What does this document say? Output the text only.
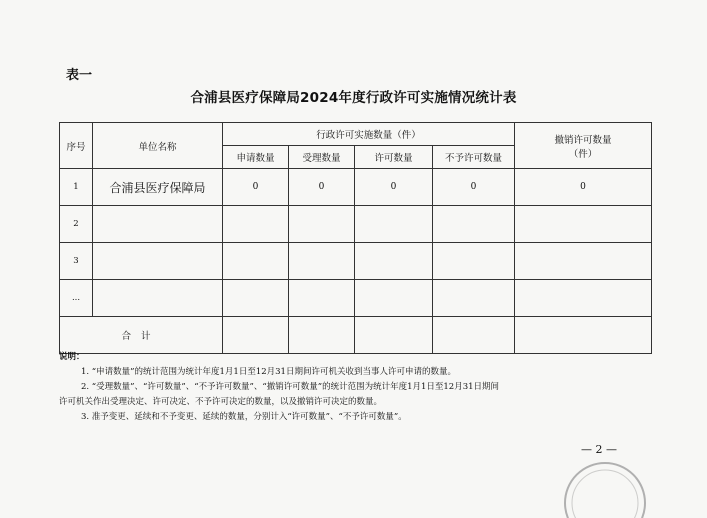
表一
合浦县医疗保障局2024年度行政许可实施情况统计表
序号	单位名称	行政许可实施数量（件）				撤销许可数量
（件）
		申请数量	受理数量	许可数量	不予许可数量	
1	合浦县医疗保障局	0	0	0	0	0
2						
3						
...						
合计						
说明：
1. “申请数量”的统计范围为统计年度1月1日至12月31日期间许可机关收到当事人许可申请的数量。
2. “受理数量”、“许可数量”、“不予许可数量”、“撤销许可数量”的统计范围为统计年度1月1日至12月31日期间
许可机关作出受理决定、许可决定、不予许可决定的数量，以及撤销许可决定的数量。
3. 准予变更、延续和不予变更、延续的数量，分别计入“许可数量”、“不予许可数量”。
— 2 —
